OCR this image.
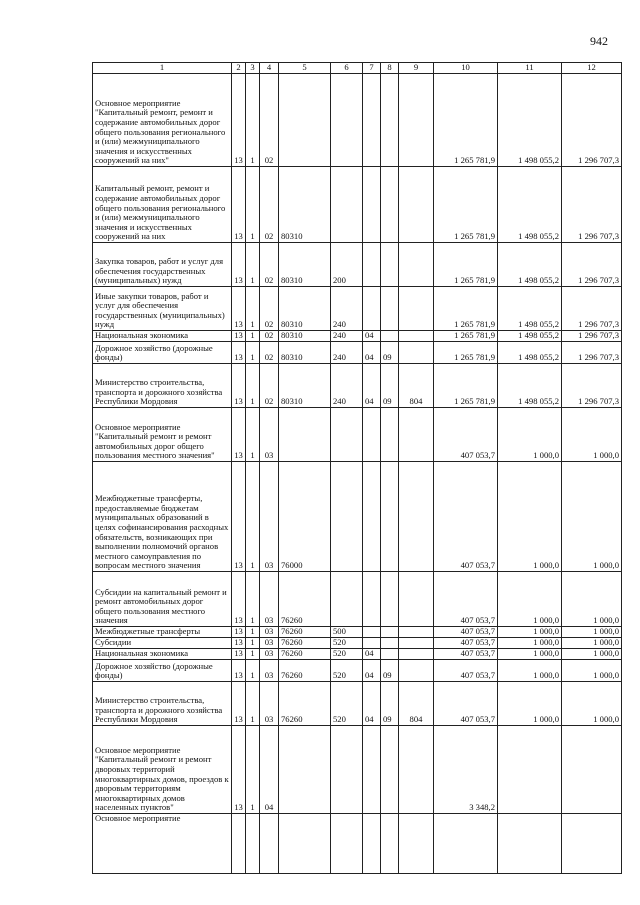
942
1	2	3	4	5	6	7	8	9	10	11	12
Основное мероприятие "Капитальный ремонт, ремонт и содержание автомобильных дорог общего пользования регионального и (или) межмуниципального значения и искусственных сооружений на них"	13	1	02						1 265 781,9	1 498 055,2	1 296 707,3
Капитальный ремонт, ремонт и содержание автомобильных дорог общего пользования регионального и (или) межмуниципального значения и искусственных сооружений на них	13	1	02	80310					1 265 781,9	1 498 055,2	1 296 707,3
Закупка товаров, работ и услуг для обеспечения государственных (муниципальных) нужд	13	1	02	80310	200				1 265 781,9	1 498 055,2	1 296 707,3
Иные закупки товаров, работ и услуг для обеспечения государственных (муниципальных) нужд	13	1	02	80310	240				1 265 781,9	1 498 055,2	1 296 707,3
Национальная экономика	13	1	02	80310	240	04			1 265 781,9	1 498 055,2	1 296 707,3
Дорожное хозяйство (дорожные фонды)	13	1	02	80310	240	04	09		1 265 781,9	1 498 055,2	1 296 707,3
Министерство строительства, транспорта и дорожного хозяйства Республики Мордовия	13	1	02	80310	240	04	09	804	1 265 781,9	1 498 055,2	1 296 707,3
Основное мероприятие "Капитальный ремонт и ремонт автомобильных дорог общего пользования местного значения"	13	1	03						407 053,7	1 000,0	1 000,0
Межбюджетные трансферты, предоставляемые бюджетам муниципальных образований в целях софинансирования расходных обязательств, возникающих при выполнении полномочий органов местного самоуправления по вопросам местного значения	13	1	03	76000					407 053,7	1 000,0	1 000,0
Субсидии на капитальный ремонт и ремонт автомобильных дорог общего пользования местного значения	13	1	03	76260					407 053,7	1 000,0	1 000,0
Межбюджетные трансферты	13	1	03	76260	500				407 053,7	1 000,0	1 000,0
Субсидии	13	1	03	76260	520				407 053,7	1 000,0	1 000,0
Национальная экономика	13	1	03	76260	520	04			407 053,7	1 000,0	1 000,0
Дорожное хозяйство (дорожные фонды)	13	1	03	76260	520	04	09		407 053,7	1 000,0	1 000,0
Министерство строительства, транспорта и дорожного хозяйства Республики Мордовия	13	1	03	76260	520	04	09	804	407 053,7	1 000,0	1 000,0
Основное мероприятие "Капитальный ремонт и ремонт дворовых территорий многоквартирных домов, проездов к дворовым территориям многоквартирных домов населенных пунктов"	13	1	04						3 348,2		
Основное мероприятие											
